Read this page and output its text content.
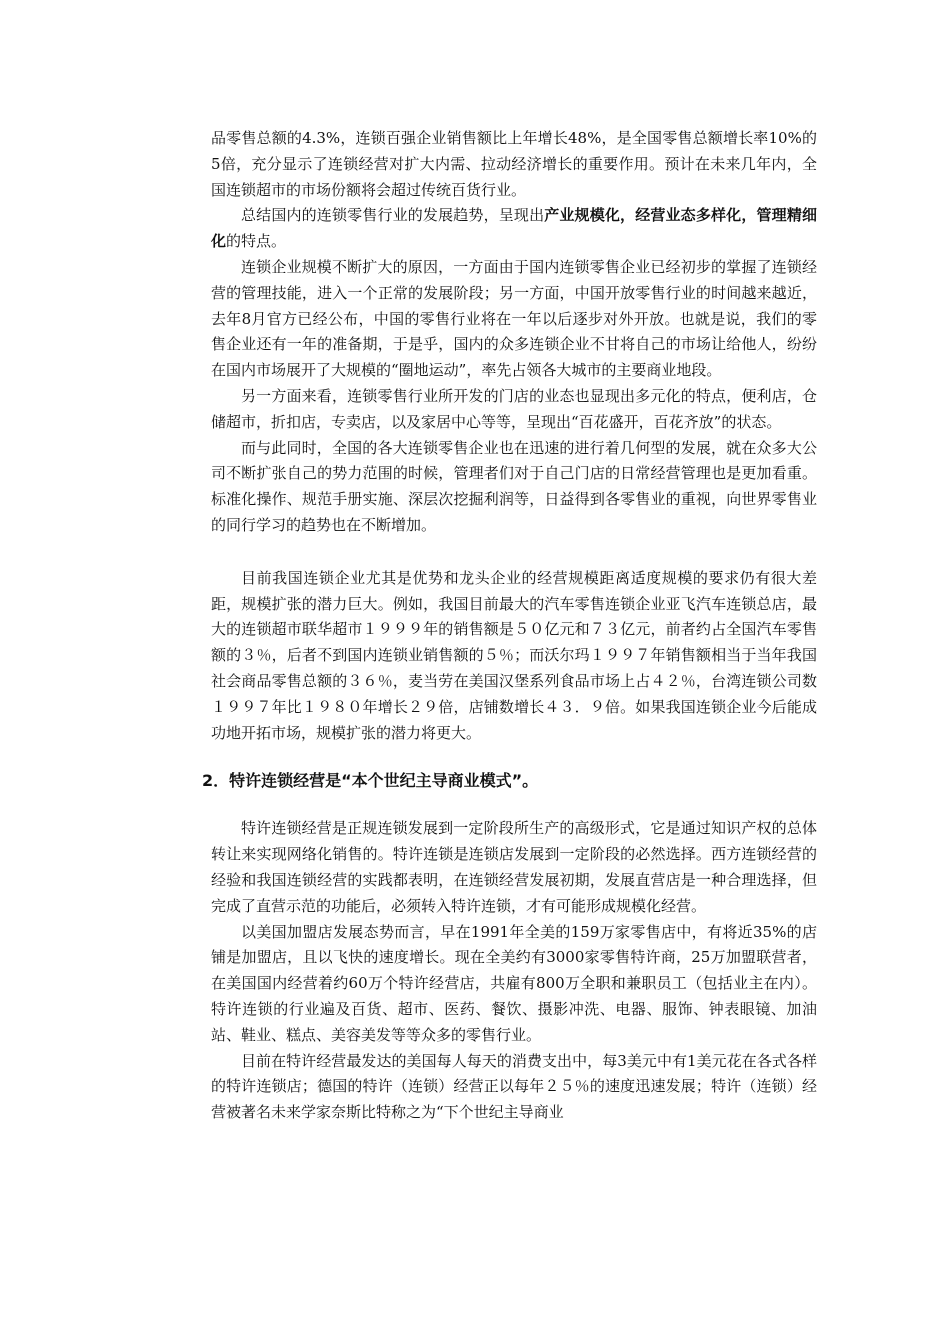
品零售总额的4.3%，连锁百强企业销售额比上年增长48%，是全国零售总额增长率10%的5倍，充分显示了连锁经营对扩大内需、拉动经济增长的重要作用。预计在未来几年内，全国连锁超市的市场份额将会超过传统百货行业。

总结国内的连锁零售行业的发展趋势，呈现出产业规模化，经营业态多样化，管理精细化的特点。

连锁企业规模不断扩大的原因，一方面由于国内连锁零售企业已经初步的掌握了连锁经营的管理技能，进入一个正常的发展阶段；另一方面，中国开放零售行业的时间越来越近，去年8月官方已经公布，中国的零售行业将在一年以后逐步对外开放。也就是说，我们的零售企业还有一年的准备期，于是乎，国内的众多连锁企业不甘将自己的市场让给他人，纷纷在国内市场展开了大规模的“圈地运动”，率先占领各大城市的主要商业地段。

另一方面来看，连锁零售行业所开发的门店的业态也显现出多元化的特点，便利店，仓储超市，折扣店，专卖店，以及家居中心等等，呈现出“百花盛开，百花齐放”的状态。

而与此同时，全国的各大连锁零售企业也在迅速的进行着几何型的发展，就在众多大公司不断扩张自己的势力范围的时候，管理者们对于自己门店的日常经营管理也是更加看重。标准化操作、规范手册实施、深层次挖掘利润等，日益得到各零售业的重视，向世界零售业的同行学习的趋势也在不断增加。

目前我国连锁企业尤其是优势和龙头企业的经营规模距离适度规模的要求仍有很大差距，规模扩张的潜力巨大。例如，我国目前最大的汽车零售连锁企业亚飞汽车连锁总店，最大的连锁超市联华超市１９９９年的销售额是５０亿元和７３亿元，前者约占全国汽车零售额的３％，后者不到国内连锁业销售额的５％；而沃尔玛１９９７年销售额相当于当年我国社会商品零售总额的３６％，麦当劳在美国汉堡系列食品市场上占４２％，台湾连锁公司数１９９７年比１９８０年增长２９倍，店铺数增长４３．９倍。如果我国连锁企业今后能成功地开拓市场，规模扩张的潜力将更大。

2．特许连锁经营是“本个世纪主导商业模式”。

特许连锁经营是正规连锁发展到一定阶段所生产的高级形式，它是通过知识产权的总体转让来实现网络化销售的。特许连锁是连锁店发展到一定阶段的必然选择。西方连锁经营的经验和我国连锁经营的实践都表明，在连锁经营发展初期，发展直营店是一种合理选择，但完成了直营示范的功能后，必须转入特许连锁，才有可能形成规模化经营。

以美国加盟店发展态势而言，早在1991年全美的159万家零售店中，有将近35%的店铺是加盟店，且以飞快的速度增长。现在全美约有3000家零售特许商，25万加盟联营者，在美国国内经营着约60万个特许经营店，共雇有800万全职和兼职员工（包括业主在内）。特许连锁的行业遍及百货、超市、医药、餐饮、摄影冲洗、电器、服饰、钟表眼镜、加油站、鞋业、糕点、美容美发等等众多的零售行业。

目前在特许经营最发达的美国每人每天的消费支出中，每3美元中有1美元花在各式各样的特许连锁店；德国的特许（连锁）经营正以每年２５％的速度迅速发展；特许（连锁）经营被著名未来学家奈斯比特称之为“下个世纪主导商业
